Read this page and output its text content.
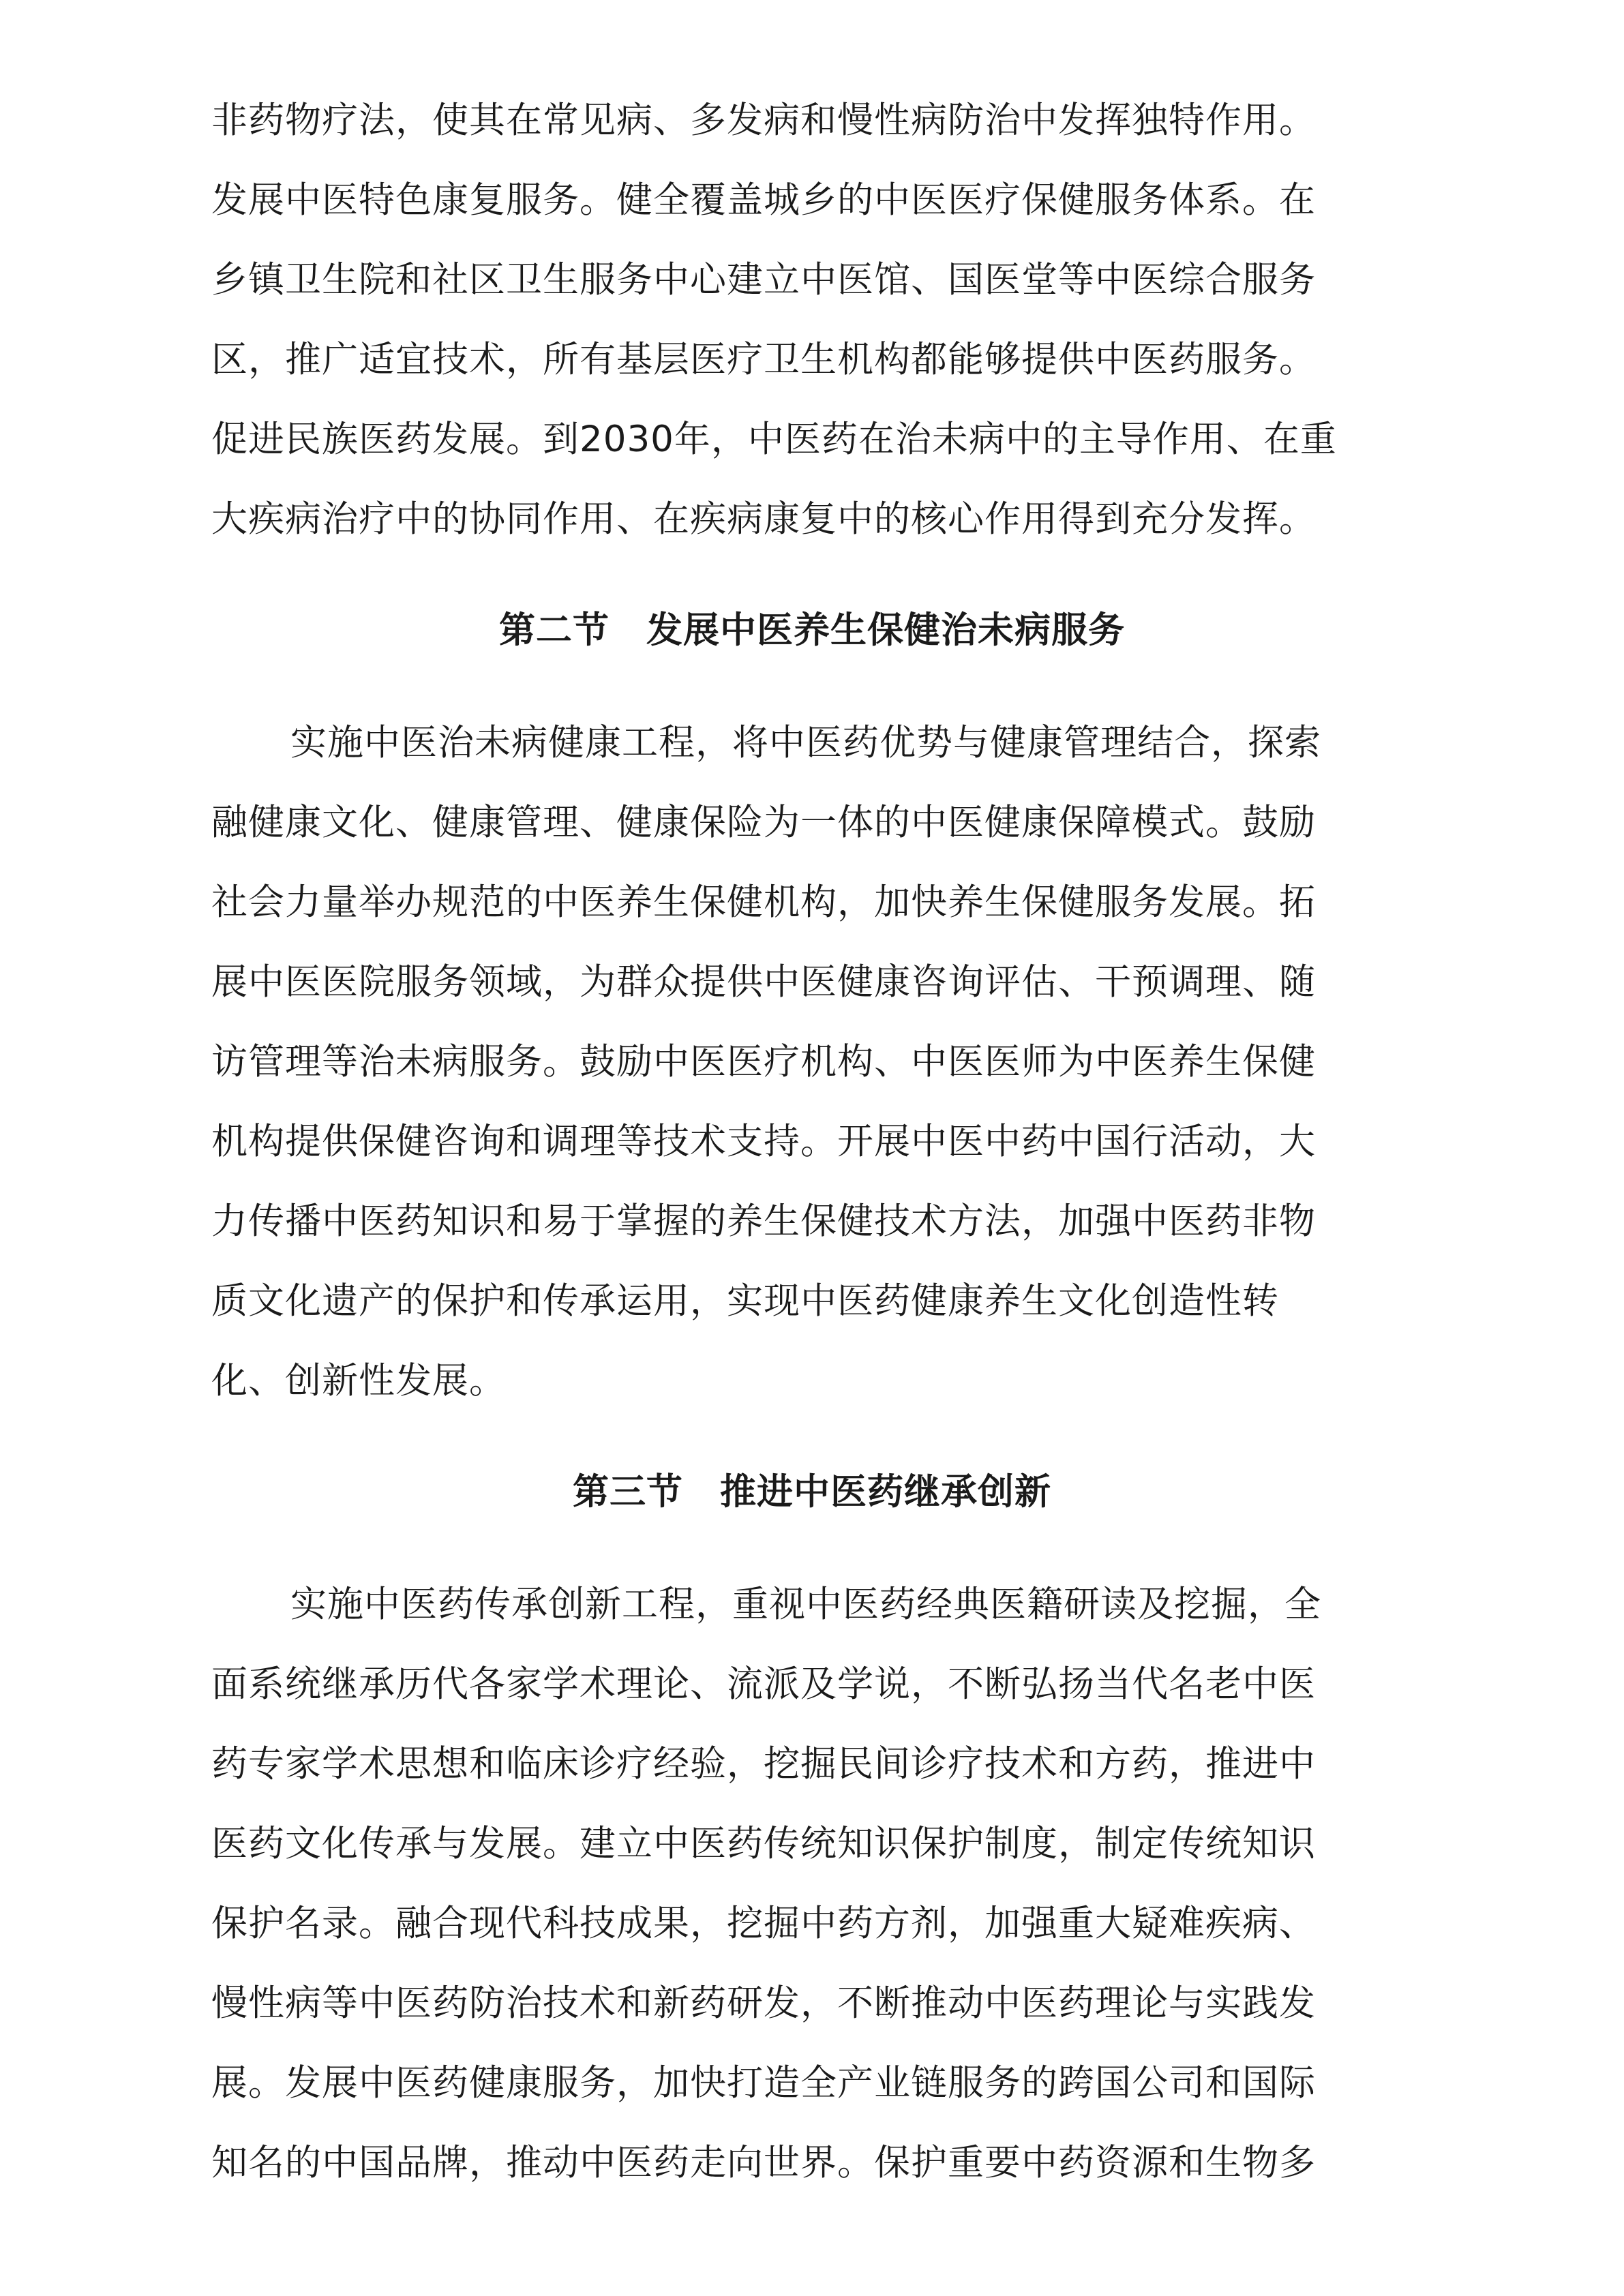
非药物疗法，使其在常见病、多发病和慢性病防治中发挥独特作用。
发展中医特色康复服务。健全覆盖城乡的中医医疗保健服务体系。在
乡镇卫生院和社区卫生服务中心建立中医馆、国医堂等中医综合服务
区，推广适宜技术，所有基层医疗卫生机构都能够提供中医药服务。
促进民族医药发展。到2030年，中医药在治未病中的主导作用、在重
大疾病治疗中的协同作用、在疾病康复中的核心作用得到充分发挥。
第二节　发展中医养生保健治未病服务
实施中医治未病健康工程，将中医药优势与健康管理结合，探索
融健康文化、健康管理、健康保险为一体的中医健康保障模式。鼓励
社会力量举办规范的中医养生保健机构，加快养生保健服务发展。拓
展中医医院服务领域，为群众提供中医健康咨询评估、干预调理、随
访管理等治未病服务。鼓励中医医疗机构、中医医师为中医养生保健
机构提供保健咨询和调理等技术支持。开展中医中药中国行活动，大
力传播中医药知识和易于掌握的养生保健技术方法，加强中医药非物
质文化遗产的保护和传承运用，实现中医药健康养生文化创造性转
化、创新性发展。
第三节　推进中医药继承创新
实施中医药传承创新工程，重视中医药经典医籍研读及挖掘，全
面系统继承历代各家学术理论、流派及学说，不断弘扬当代名老中医
药专家学术思想和临床诊疗经验，挖掘民间诊疗技术和方药，推进中
医药文化传承与发展。建立中医药传统知识保护制度，制定传统知识
保护名录。融合现代科技成果，挖掘中药方剂，加强重大疑难疾病、
慢性病等中医药防治技术和新药研发，不断推动中医药理论与实践发
展。发展中医药健康服务，加快打造全产业链服务的跨国公司和国际
知名的中国品牌，推动中医药走向世界。保护重要中药资源和生物多
